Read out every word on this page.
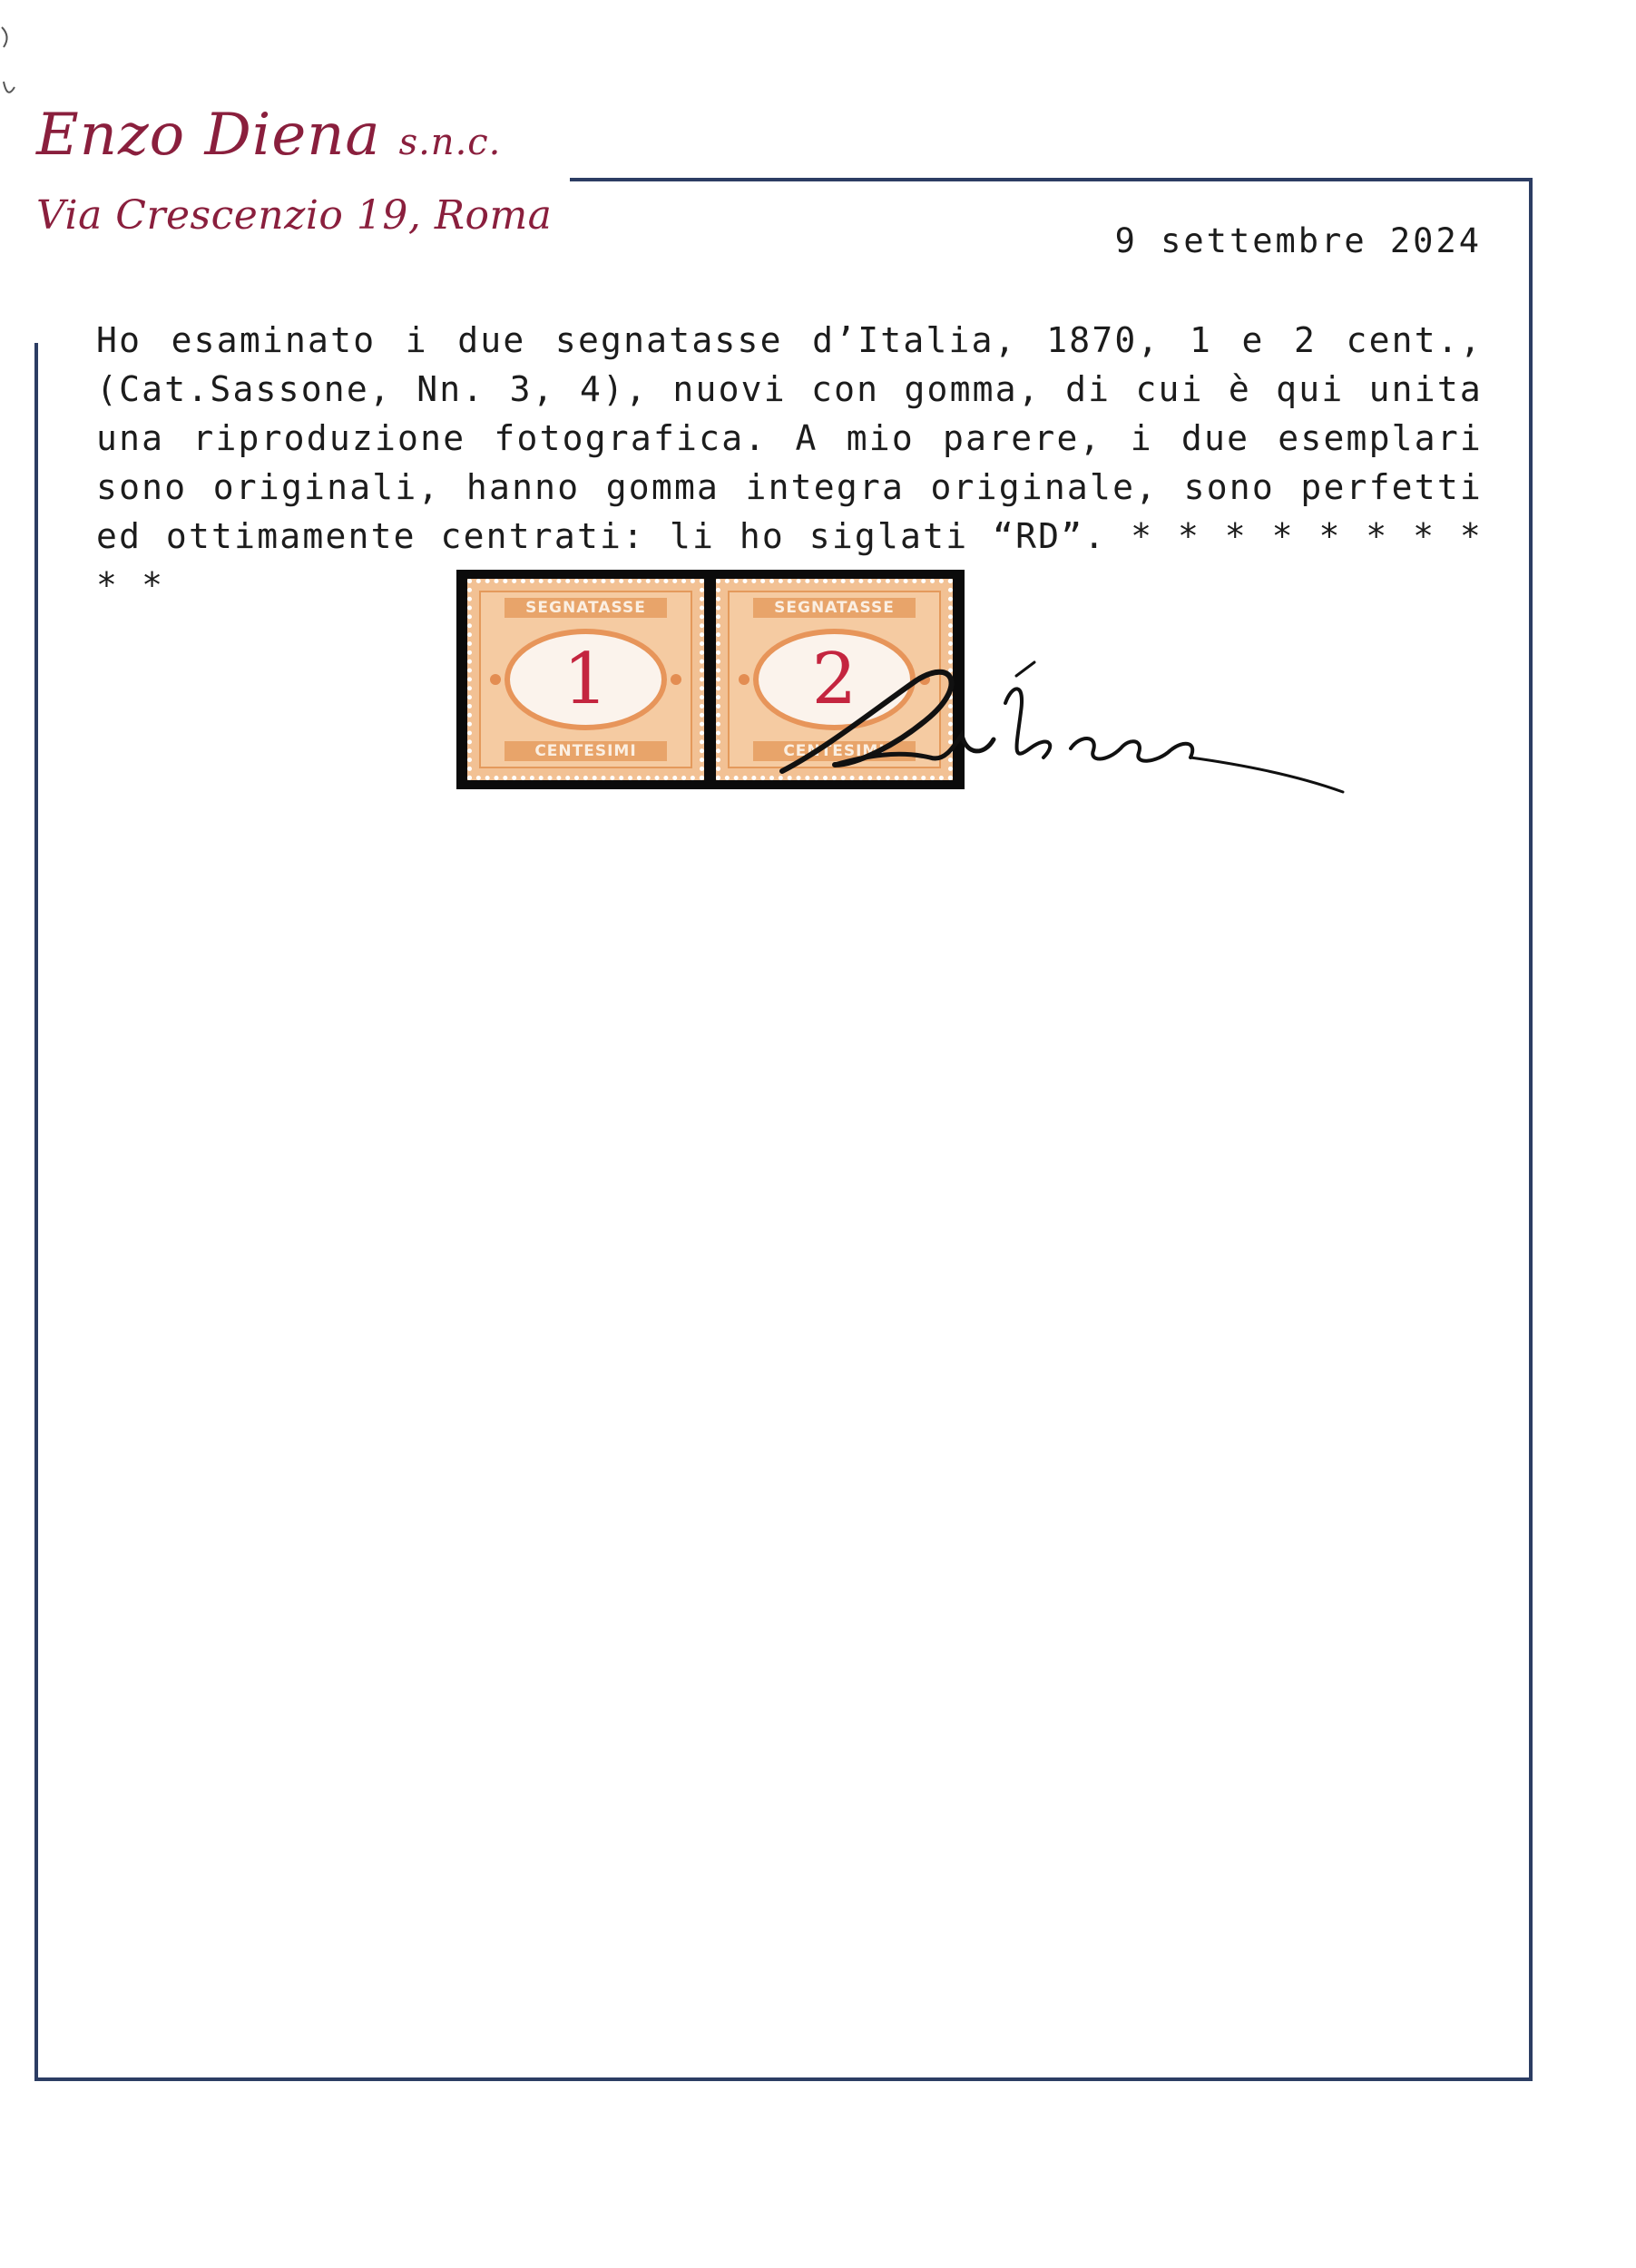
Enzo Diena s.n.c.
Via Crescenzio 19, Roma
9 settembre 2024
Ho esaminato i due segnatasse d’Italia, 1870, 1 e 2 cent., (Cat.Sassone, Nn. 3, 4), nuovi con gomma, di cui è qui unita una riproduzione fotografica. A mio parere, i due esemplari sono originali, hanno gomma integra originale, sono perfetti ed ottimamente centrati: li ho siglati “RD”. * * * * * * * * * *
SEGNATASSE
1
CENTESIMI
SEGNATASSE
2
CENTESIMI
